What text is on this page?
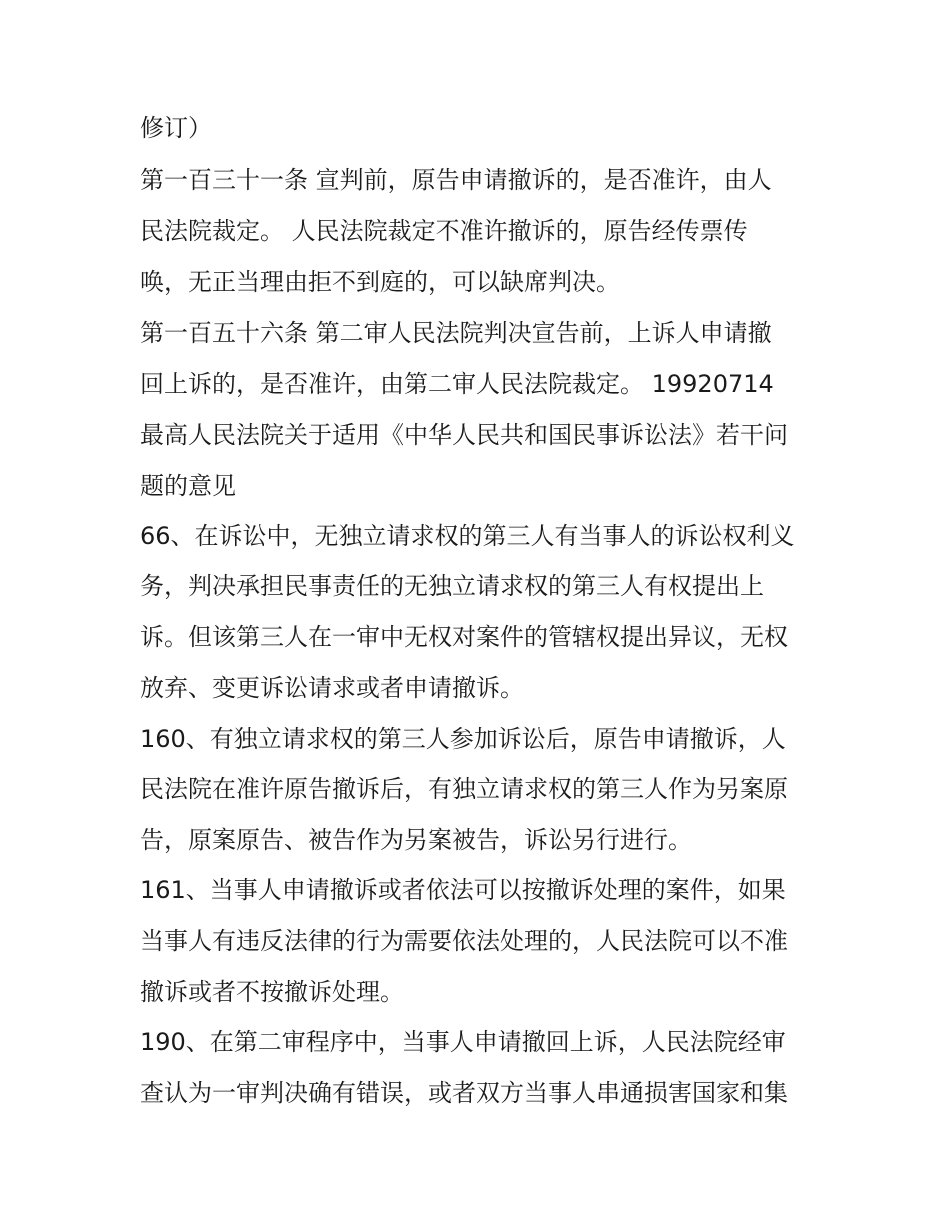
修订）
第一百三十一条 宣判前，原告申请撤诉的，是否准许，由人
民法院裁定。 人民法院裁定不准许撤诉的，原告经传票传
唤，无正当理由拒不到庭的，可以缺席判决。
第一百五十六条 第二审人民法院判决宣告前，上诉人申请撤
回上诉的，是否准许，由第二审人民法院裁定。 19920714
最高人民法院关于适用《中华人民共和国民事诉讼法》若干问
题的意见
66、在诉讼中，无独立请求权的第三人有当事人的诉讼权利义
务，判决承担民事责任的无独立请求权的第三人有权提出上
诉。但该第三人在一审中无权对案件的管辖权提出异议，无权
放弃、变更诉讼请求或者申请撤诉。
160、有独立请求权的第三人参加诉讼后，原告申请撤诉，人
民法院在准许原告撤诉后，有独立请求权的第三人作为另案原
告，原案原告、被告作为另案被告，诉讼另行进行。
161、当事人申请撤诉或者依法可以按撤诉处理的案件，如果
当事人有违反法律的行为需要依法处理的，人民法院可以不准
撤诉或者不按撤诉处理。
190、在第二审程序中，当事人申请撤回上诉，人民法院经审
查认为一审判决确有错误，或者双方当事人串通损害国家和集
